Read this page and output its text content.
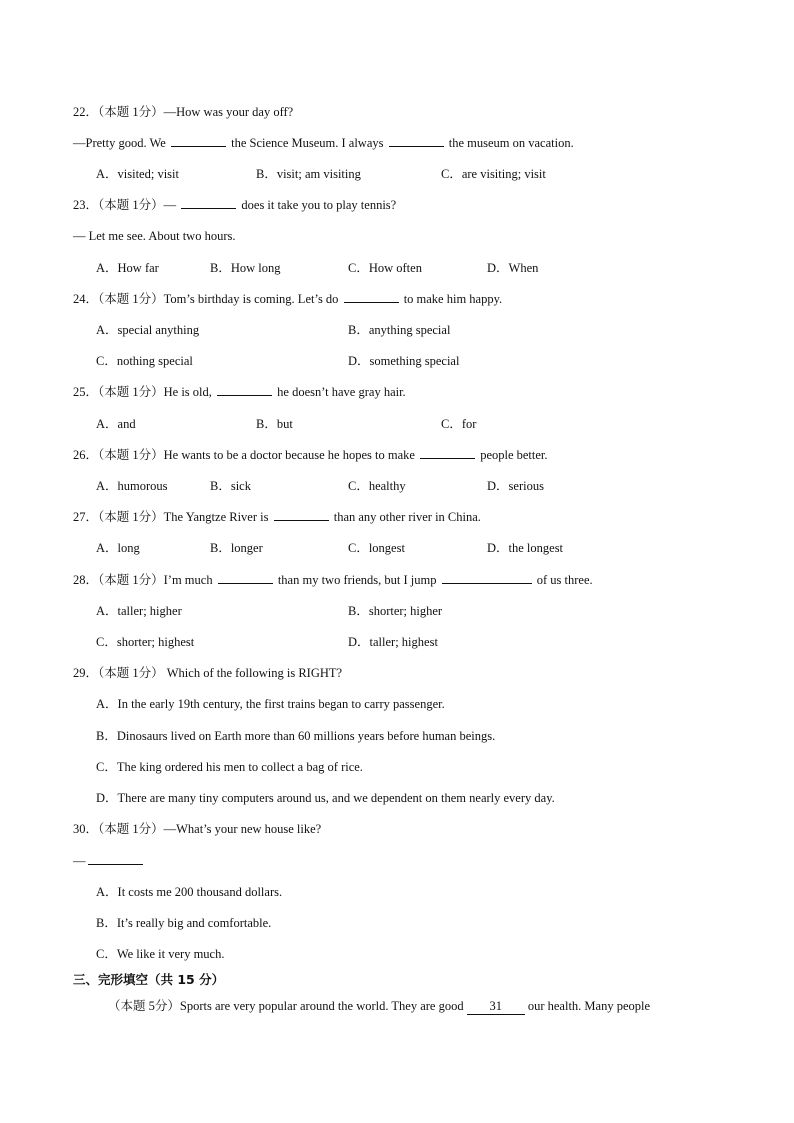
22．（本题 1分）—How was your day off?
—Pretty good. We	the Science Museum. I always	the museum on vacation.
A．visited; visit	B．visit; am visiting	C．are visiting; visit
23．（本题 1分）—	does it take you to play tennis?
— Let me see. About two hours.
A．How far	B．How long	C．How often	D．When
24．（本题 1分）Tom’s birthday is coming. Let’s do	to make him happy.
A．special anything	B．anything special
C．nothing special	D．something special
25．（本题 1分）He is old,	he doesn’t have gray hair.
A．and	B．but	C．for
26．（本题 1分）He wants to be a doctor because he hopes to make	people better.
A．humorous	B．sick	C．healthy	D．serious
27．（本题 1分）The Yangtze River is	than any other river in China.
A．long	B．longer	C．longest	D．the longest
28．（本题 1分）I’m much	than my two friends, but I jump	of us three.
A．taller; higher	B．shorter; higher
C．shorter; highest	D．taller; highest
29．（本题 1分） Which of the following is RIGHT?
A．In the early 19th century, the first trains began to carry passenger.
B．Dinosaurs lived on Earth more than 60 millions years before human beings.
C．The king ordered his men to collect a bag of rice.
D．There are many tiny computers around us, and we dependent on them nearly every day.
30．（本题 1分）—What’s your new house like?
—
A．It costs me 200 thousand dollars.
B．It’s really big and comfortable.
C．We like it very much.
三、完形填空（共 15 分）
（本题 5分）Sports are very popular around the world. They are good 31 our health. Many people
